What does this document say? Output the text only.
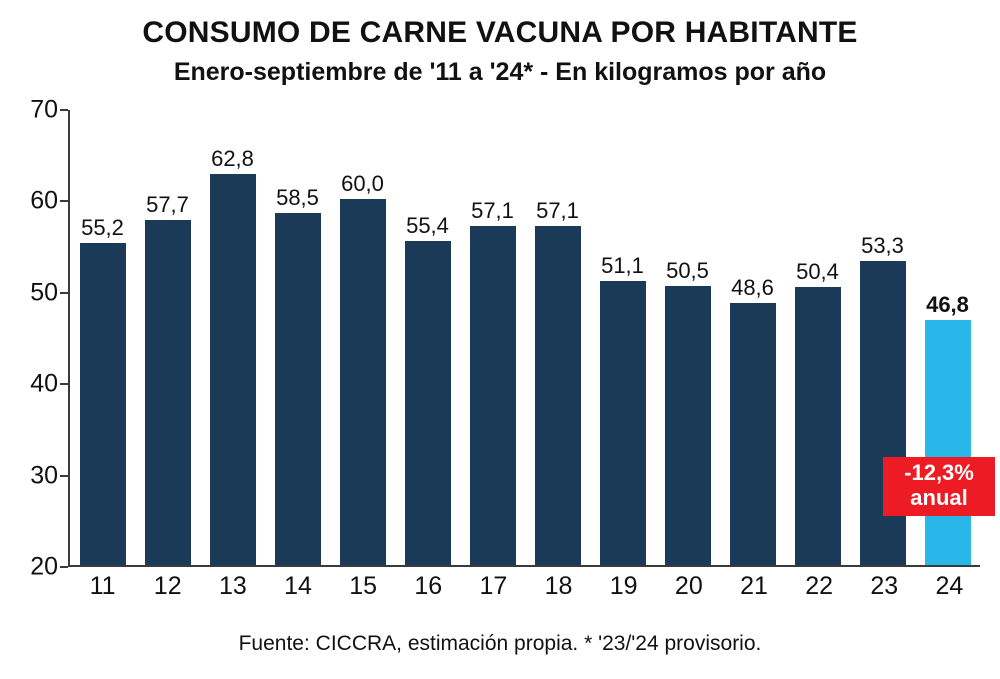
CONSUMO DE CARNE VACUNA POR HABITANTE
Enero-septiembre de '11 a '24* - En kilogramos por año
70
60
50
40
30
20
55,2
57,7
62,8
58,5
60,0
55,4
57,1	57,1
51,1	50,5
48,6
50,4
53,3
46,8
11	12	13	14	15	16	17	18	19	20	21	22	23	24
-12,3%
anual
Fuente: CICCRA, estimación propia. * '23/'24 provisorio.
